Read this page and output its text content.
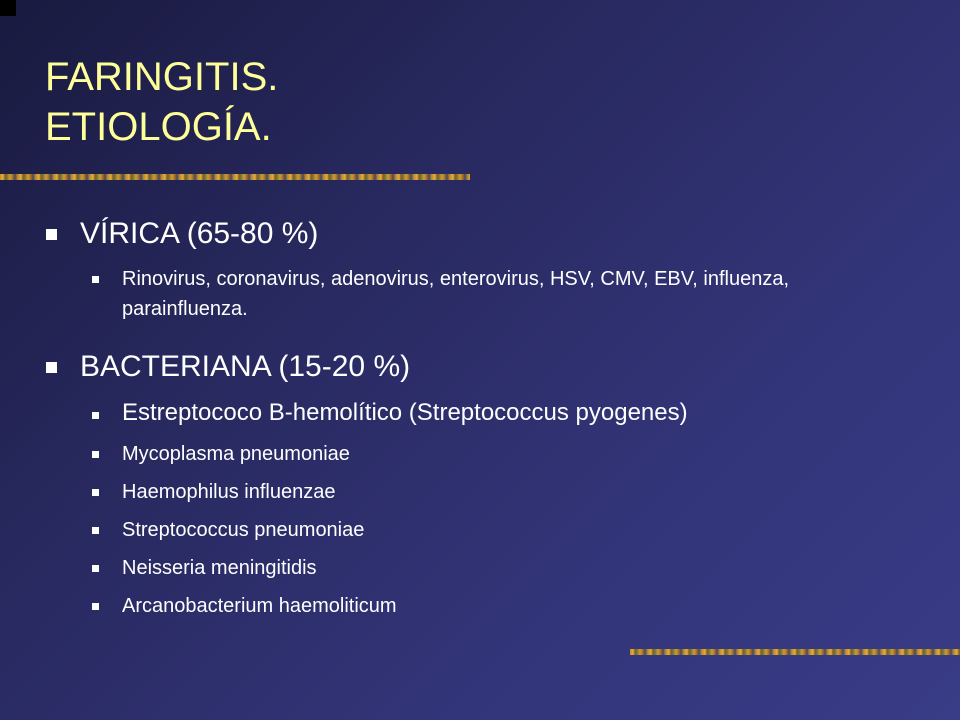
FARINGITIS.
ETIOLOGÍA.
VÍRICA (65-80 %)
Rinovirus, coronavirus, adenovirus, enterovirus, HSV, CMV, EBV, influenza, parainfluenza.
BACTERIANA (15-20 %)
Estreptococo B-hemolítico (Streptococcus pyogenes)
Mycoplasma pneumoniae
Haemophilus influenzae
Streptococcus pneumoniae
Neisseria meningitidis
Arcanobacterium haemoliticum
